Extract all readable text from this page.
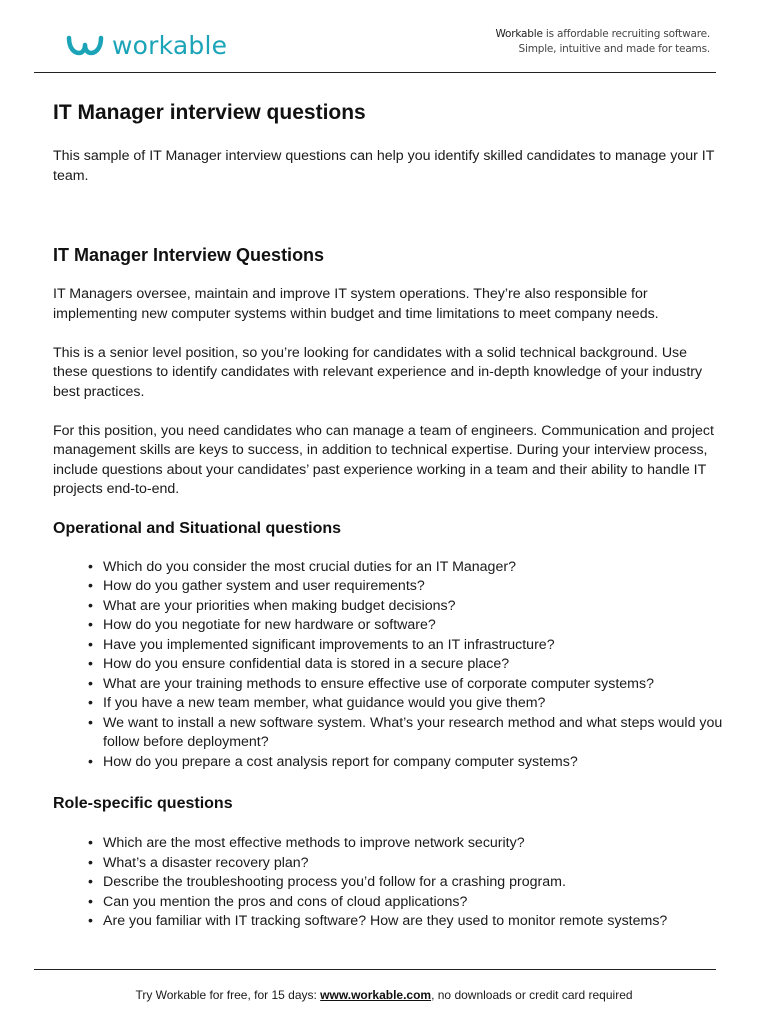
workable	Workable is affordable recruiting software.
Simple, intuitive and made for teams.
IT Manager interview questions

This sample of IT Manager interview questions can help you identify skilled candidates to manage your IT team.

IT Manager Interview Questions

IT Managers oversee, maintain and improve IT system operations. They’re also responsible for implementing new computer systems within budget and time limitations to meet company needs.

This is a senior level position, so you’re looking for candidates with a solid technical background. Use these questions to identify candidates with relevant experience and in-depth knowledge of your industry best practices.

For this position, you need candidates who can manage a team of engineers. Communication and project management skills are keys to success, in addition to technical expertise. During your interview process, include questions about your candidates’ past experience working in a team and their ability to handle IT projects end-to-end.

Operational and Situational questions
• Which do you consider the most crucial duties for an IT Manager?
• How do you gather system and user requirements?
• What are your priorities when making budget decisions?
• How do you negotiate for new hardware or software?
• Have you implemented significant improvements to an IT infrastructure?
• How do you ensure confidential data is stored in a secure place?
• What are your training methods to ensure effective use of corporate computer systems?
• If you have a new team member, what guidance would you give them?
• We want to install a new software system. What’s your research method and what steps would you follow before deployment?
• How do you prepare a cost analysis report for company computer systems?
Role-specific questions
• Which are the most effective methods to improve network security?
• What’s a disaster recovery plan?
• Describe the troubleshooting process you’d follow for a crashing program.
• Can you mention the pros and cons of cloud applications?
• Are you familiar with IT tracking software? How are they used to monitor remote systems?
Try Workable for free, for 15 days: www.workable.com, no downloads or credit card required
